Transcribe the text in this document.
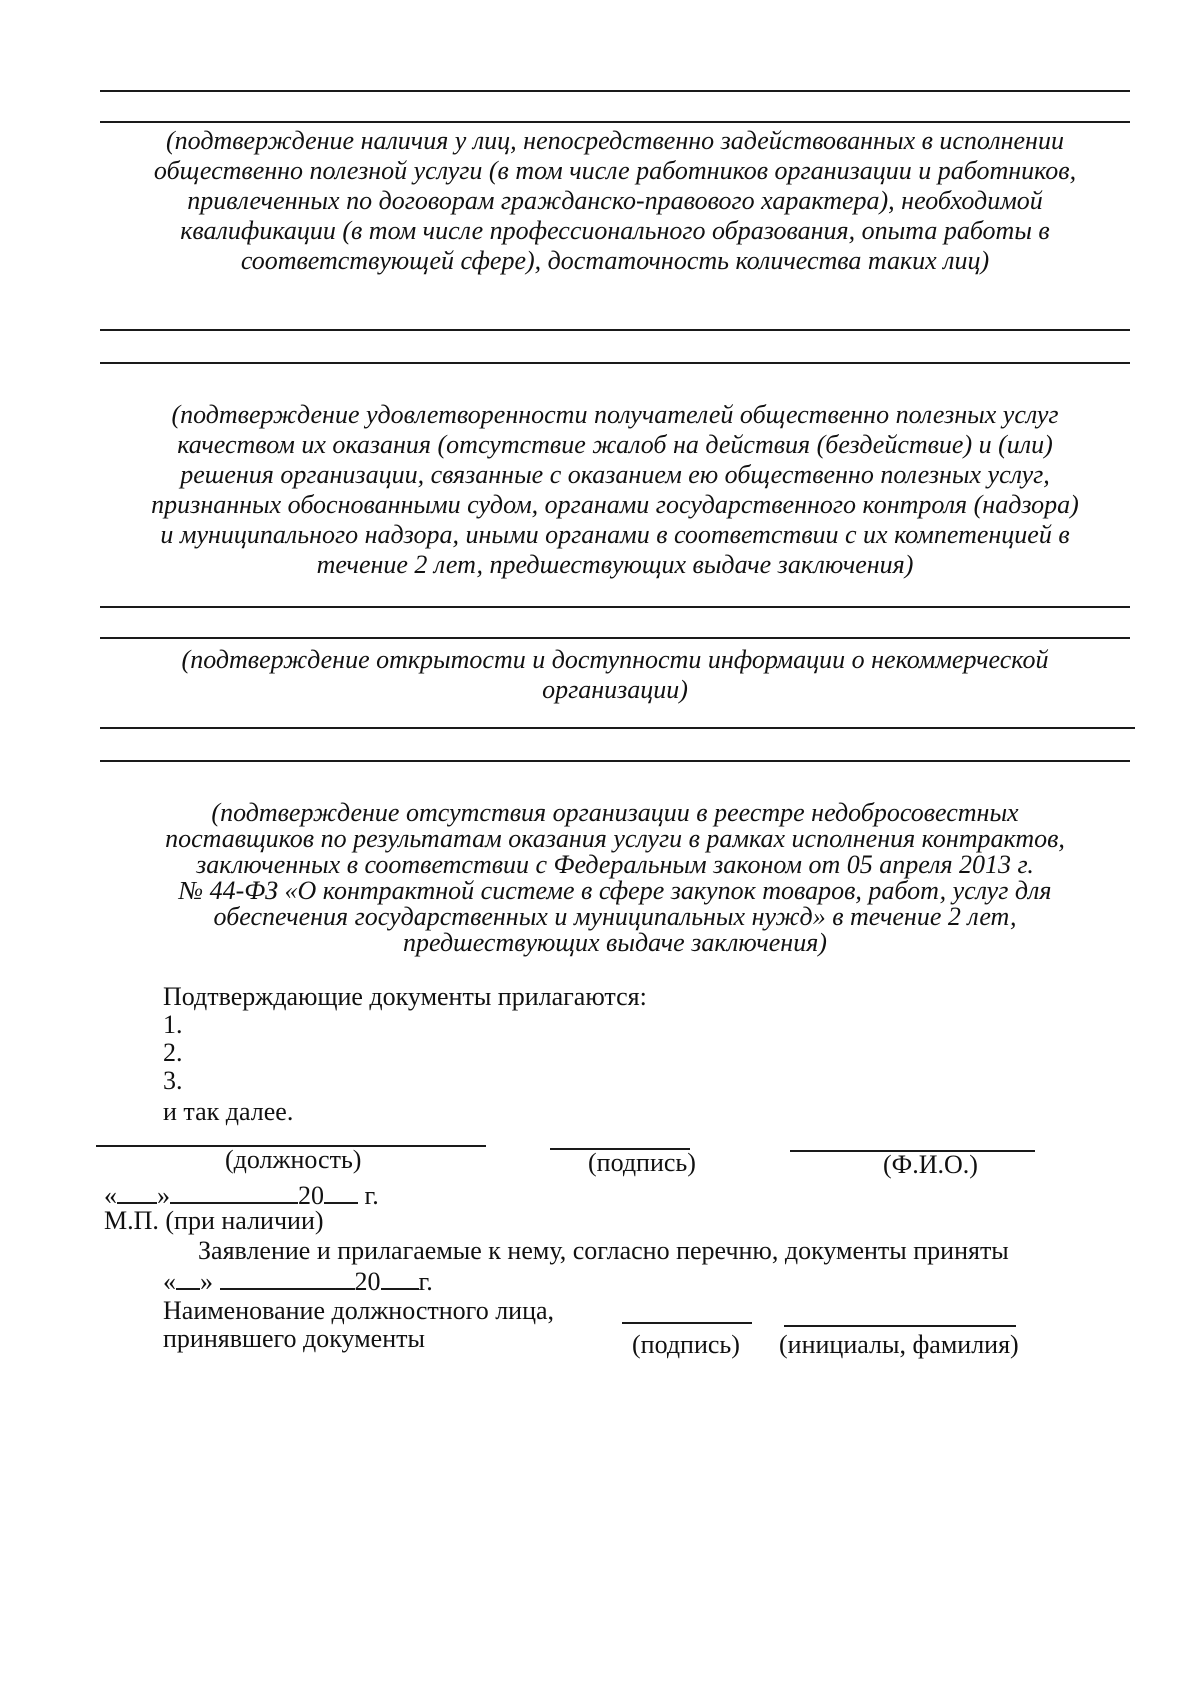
(подтверждение наличия у лиц, непосредственно задействованных в исполнении
общественно полезной услуги (в том числе работников организации и работников,
привлеченных по договорам гражданско-правового характера), необходимой
квалификации (в том числе профессионального образования, опыта работы в
соответствующей сфере), достаточность количества таких лиц)
(подтверждение удовлетворенности получателей общественно полезных услуг
качеством их оказания (отсутствие жалоб на действия (бездействие) и (или)
решения организации, связанные с оказанием ею общественно полезных услуг,
признанных обоснованными судом, органами государственного контроля (надзора)
и муниципального надзора, иными органами в соответствии с их компетенцией в
течение 2 лет, предшествующих выдаче заключения)
(подтверждение открытости и доступности информации о некоммерческой
организации)
(подтверждение отсутствия организации в реестре недобросовестных
поставщиков по результатам оказания услуги в рамках исполнения контрактов,
заключенных в соответствии с Федеральным законом от 05 апреля 2013 г.
№ 44-ФЗ «О контрактной системе в сфере закупок товаров, работ, услуг для
обеспечения государственных и муниципальных нужд» в течение 2 лет,
предшествующих выдаче заключения)
Подтверждающие документы прилагаются:
1.
2.
3.
и так далее.
(должность)	(подпись)	(Ф.И.О.)
« »	20 г.
М.П. (при наличии)
Заявление и прилагаемые к нему, согласно перечню, документы приняты
« »	20 г.
Наименование должностного лица,
принявшего документы	(подпись) (инициалы, фамилия)
